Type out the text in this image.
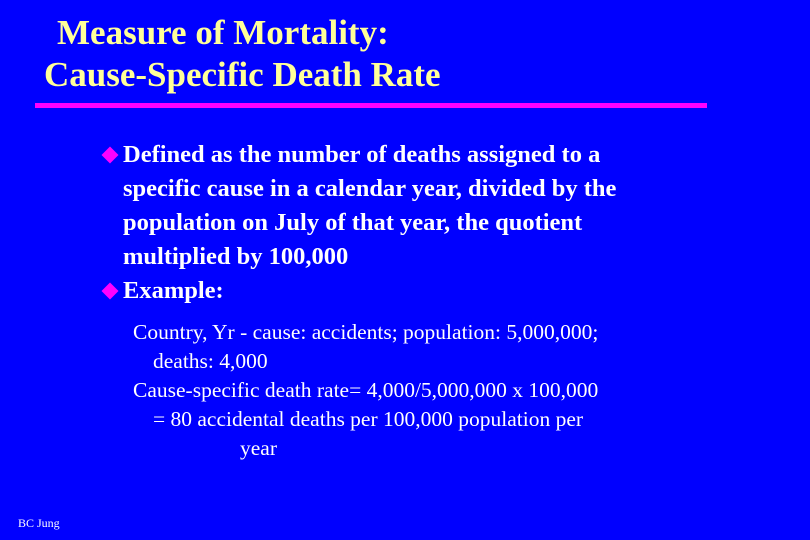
Measure of Mortality:
Cause-Specific Death Rate
Defined as the number of deaths assigned to a
specific cause in a calendar year, divided by the
population on July of that year, the quotient
multiplied by 100,000
Example:
Country, Yr - cause: accidents; population: 5,000,000;
deaths: 4,000
Cause-specific death rate= 4,000/5,000,000 x 100,000
= 80 accidental deaths per 100,000 population per
year
BC Jung
